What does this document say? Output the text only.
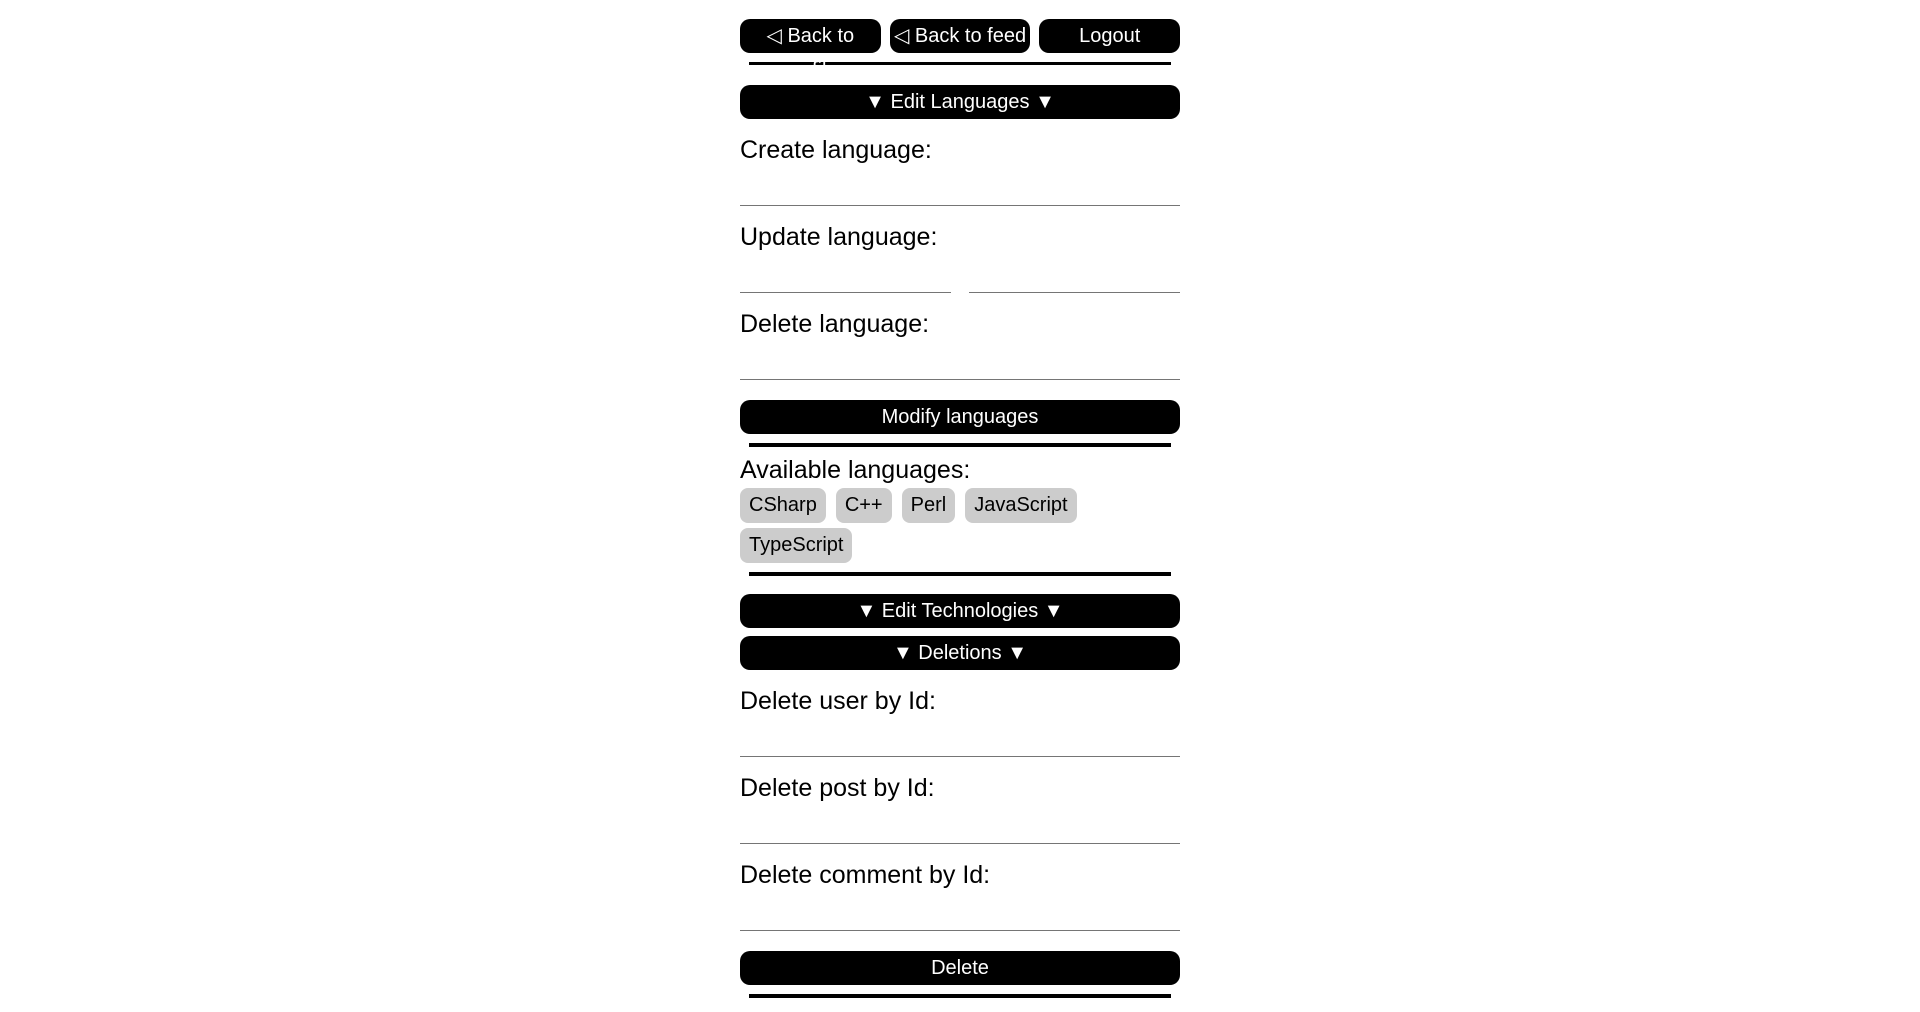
◁ Back to profile
◁ Back to feed	Logout
▼ Edit Languages ▼
Create language:
Update language:
Delete language:
Modify languages
Available languages:
CSharp	C++	Perl	JavaScript
TypeScript
▼ Edit Technologies ▼
▼ Deletions ▼
Delete user by Id:
Delete post by Id:
Delete comment by Id:
Delete
